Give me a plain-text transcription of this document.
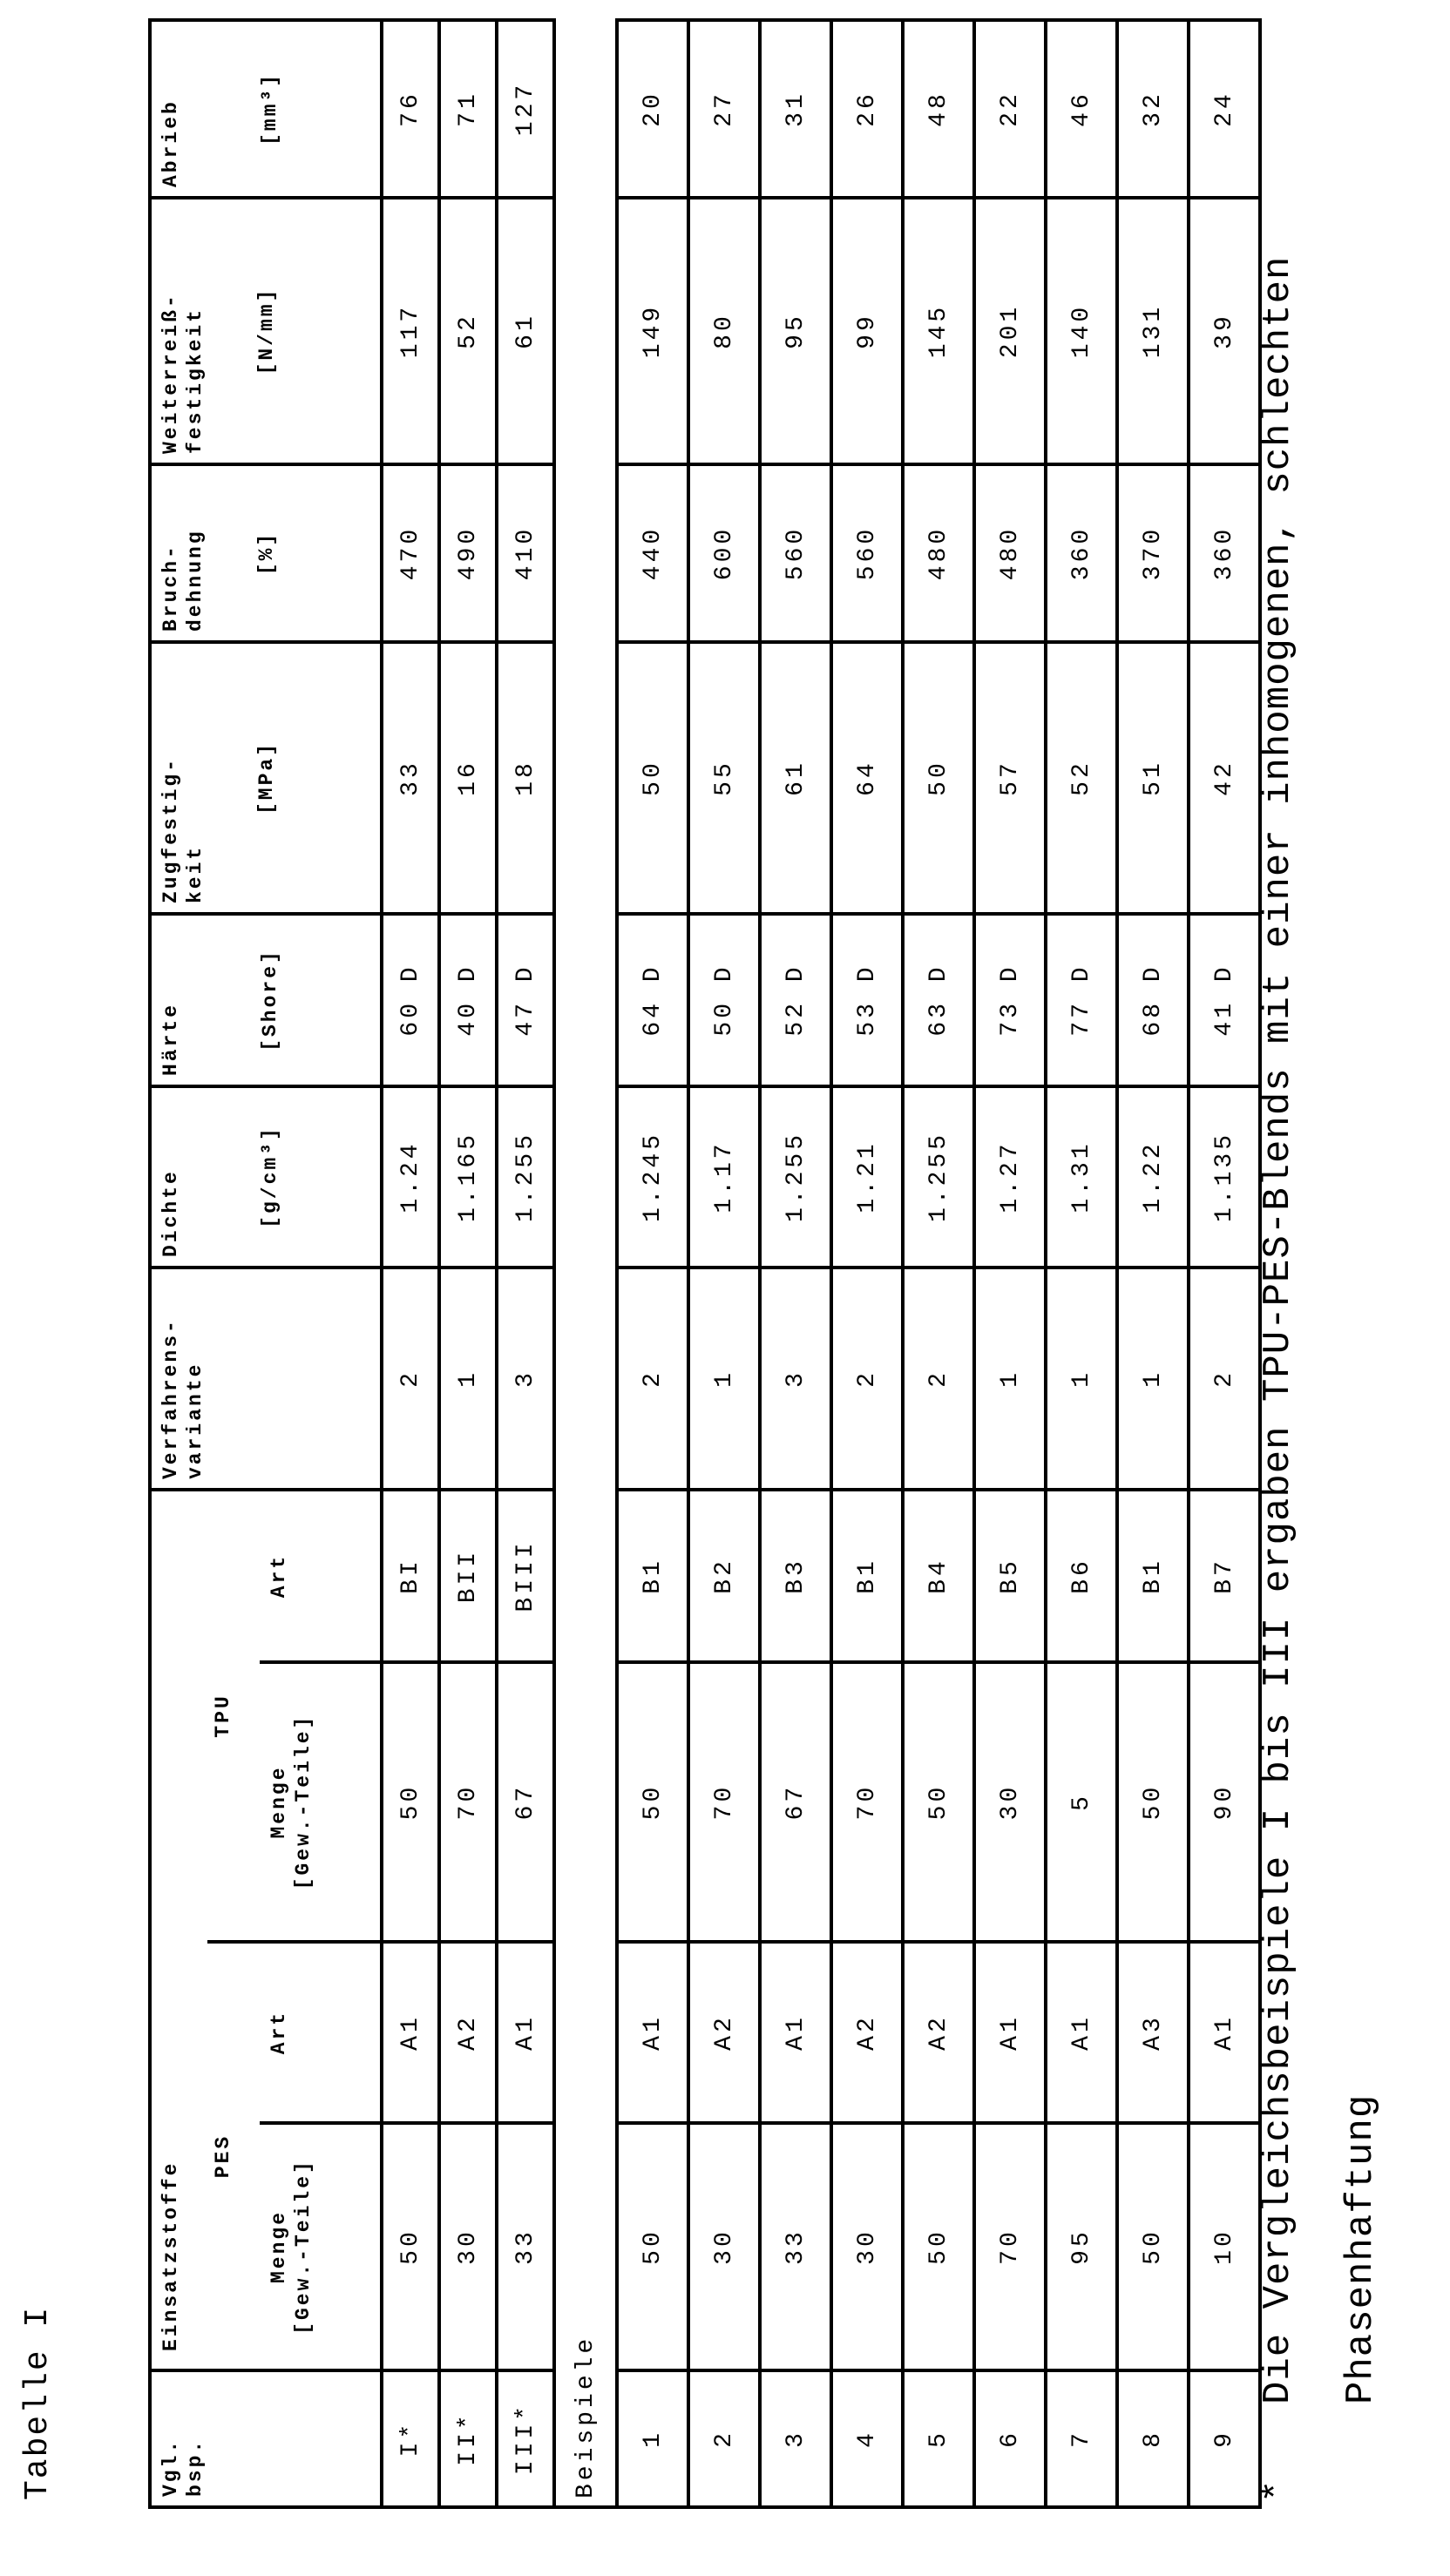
Tabelle I	Vgl.
bsp.	Einsatzstoffe	Verfahrens-
variante	Dichte	[g/cm³]
	Härte	[Shore]
	Zugfestig-
keit
[MPa]
	Bruch-
dehnung [%]
	Weiterreiß-
festigkeit [N/mm]
	Abrieb	[mm³]

PES	TPU
Menge
[Gew.-Teile]	Art	Menge
[Gew.-Teile]	Art
I*	50	A1	50	BI	2	1.24	60 D	33	470	117	76
II*	30	A2	70	BII	1	1.165	40 D	16	490	52	71
III*	33	A1	67	BIII	3	1.255	47 D	18	410	61	127
Beispiele	1	50	A1	50	B1	2	1.245	64 D	50	440	149	20
2	30	A2	70	B2	1	1.17	50 D	55	600	80	27
3	33	A1	67	B3	3	1.255	52 D	61	560	95	31
4	30	A2	70	B1	2	1.21	53 D	64	560	99	26
5	50	A2	50	B4	2	1.255	63 D	50	480	145	48
6	70	A1	30	B5	1	1.27	73 D	57	480	201	22
7	95	A1	5	B6	1	1.31	77 D	52	360	140	46
8	50	A3	50	B1	1	1.22	68 D	51	370	131	32
9	10	A1	90	B7	2	1.135	41 D	42	360	39	24
*
Die Vergleichsbeispiele I bis III ergaben TPU-PES-Blends mit einer inhomogenen, schlechten	Phasenhaftung
